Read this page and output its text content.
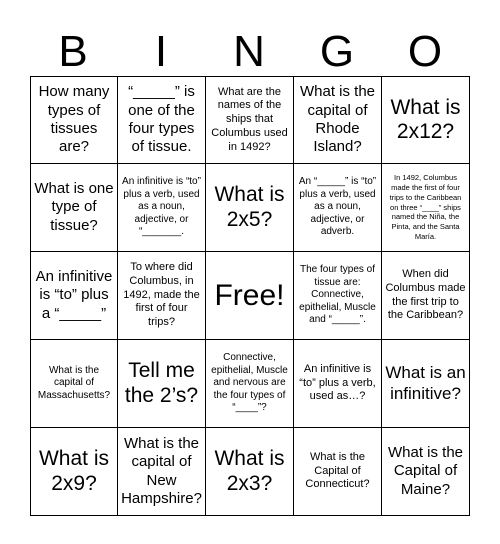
B	I	N	G	O
How many types of tissues are?
“_____” is one of the four types of tissue.
What are the names of the ships that Columbus used in 1492?
What is the capital of Rhode Island?
What is 2x12?
What is one type of tissue?
An infinitive is “to” plus a verb, used as a noun, adjective, or “_______.
What is 2x5?
An “_____” is “to” plus a verb, used as a noun, adjective, or adverb.
In 1492, Columbus made the first of four trips to the Caribbean on three “____” ships named the Niña, the Pinta, and the Santa María.
An infinitive is “to” plus a “_____”
To where did Columbus, in 1492, made the first of four trips?
Free!
The four types of tissue are: Connective, epithelial, Muscle and “_____”.
When did Columbus made the first trip to the Caribbean?
What is the capital of Massachusetts?
Tell me the 2’s?
Connective, epithelial, Muscle and nervous are the four types of “____”?
An infinitive is “to” plus a verb, used as…?
What is an infinitive?
What is 2x9?
What is the capital of New Hampshire?
What is 2x3?
What is the Capital of Connecticut?
What is the Capital of Maine?
